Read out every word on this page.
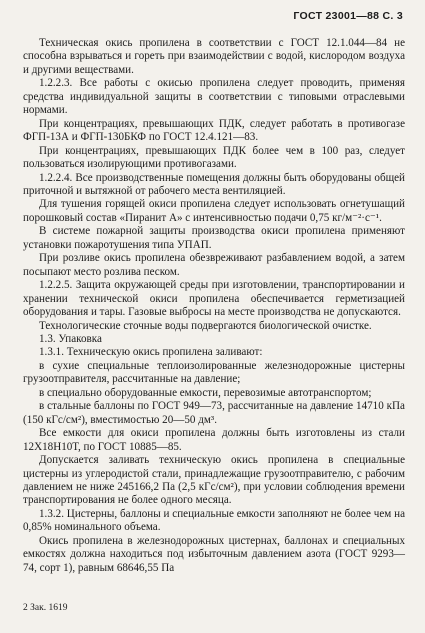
ГОСТ 23001—88 С. 3

Техническая окись пропилена в соответствии с ГОСТ 12.1.044—84 не способна взрываться и гореть при взаимодействии с водой, кислородом воздуха и другими веществами.

1.2.2.3. Все работы с окисью пропилена следует проводить, применяя средства индивидуальной защиты в соответствии с типовыми отраслевыми нормами.

При концентрациях, превышающих ПДК, следует работать в противогазе ФГП-13А и ФГП-130БКФ по ГОСТ 12.4.121—83.

При концентрациях, превышающих ПДК более чем в 100 раз, следует пользоваться изолирующими противогазами.

1.2.2.4. Все производственные помещения должны быть оборудованы общей приточной и вытяжной от рабочего места вентиляцией.

Для тушения горящей окиси пропилена следует использовать огнетушащий порошковый состав «Пиранит А» с интенсивностью подачи 0,75 кг/м⁻²·с⁻¹.

В системе пожарной защиты производства окиси пропилена применяют установки пожаротушения типа УПАП.

При розливе окись пропилена обезвреживают разбавлением водой, а затем посыпают место розлива песком.

1.2.2.5. Защита окружающей среды при изготовлении, транспортировании и хранении технической окиси пропилена обеспечивается герметизацией оборудования и тары. Газовые выбросы на месте производства не допускаются.

Технологические сточные воды подвергаются биологической очистке.

1.3. Упаковка

1.3.1. Техническую окись пропилена заливают:

в сухие специальные теплоизолированные железнодорожные цистерны грузоотправителя, рассчитанные на давление;

в специально оборудованные емкости, перевозимые автотранспортом;

в стальные баллоны по ГОСТ 949—73, рассчитанные на давление 14710 кПа (150 кГс/см²), вместимостью 20—50 дм³.

Все емкости для окиси пропилена должны быть изготовлены из стали 12Х18Н10Т, по ГОСТ 10885—85.

Допускается заливать техническую окись пропилена в специальные цистерны из углеродистой стали, принадлежащие грузоотправителю, с рабочим давлением не ниже 245166,2 Па (2,5 кГс/см²), при условии соблюдения времени транспортирования не более одного месяца.

1.3.2. Цистерны, баллоны и специальные емкости заполняют не более чем на 0,85% номинального объема.

Окись пропилена в железнодорожных цистернах, баллонах и специальных емкостях должна находиться под избыточным давлением азота (ГОСТ 9293—74, сорт 1), равным 68646,55 Па

2 Зак. 1619
